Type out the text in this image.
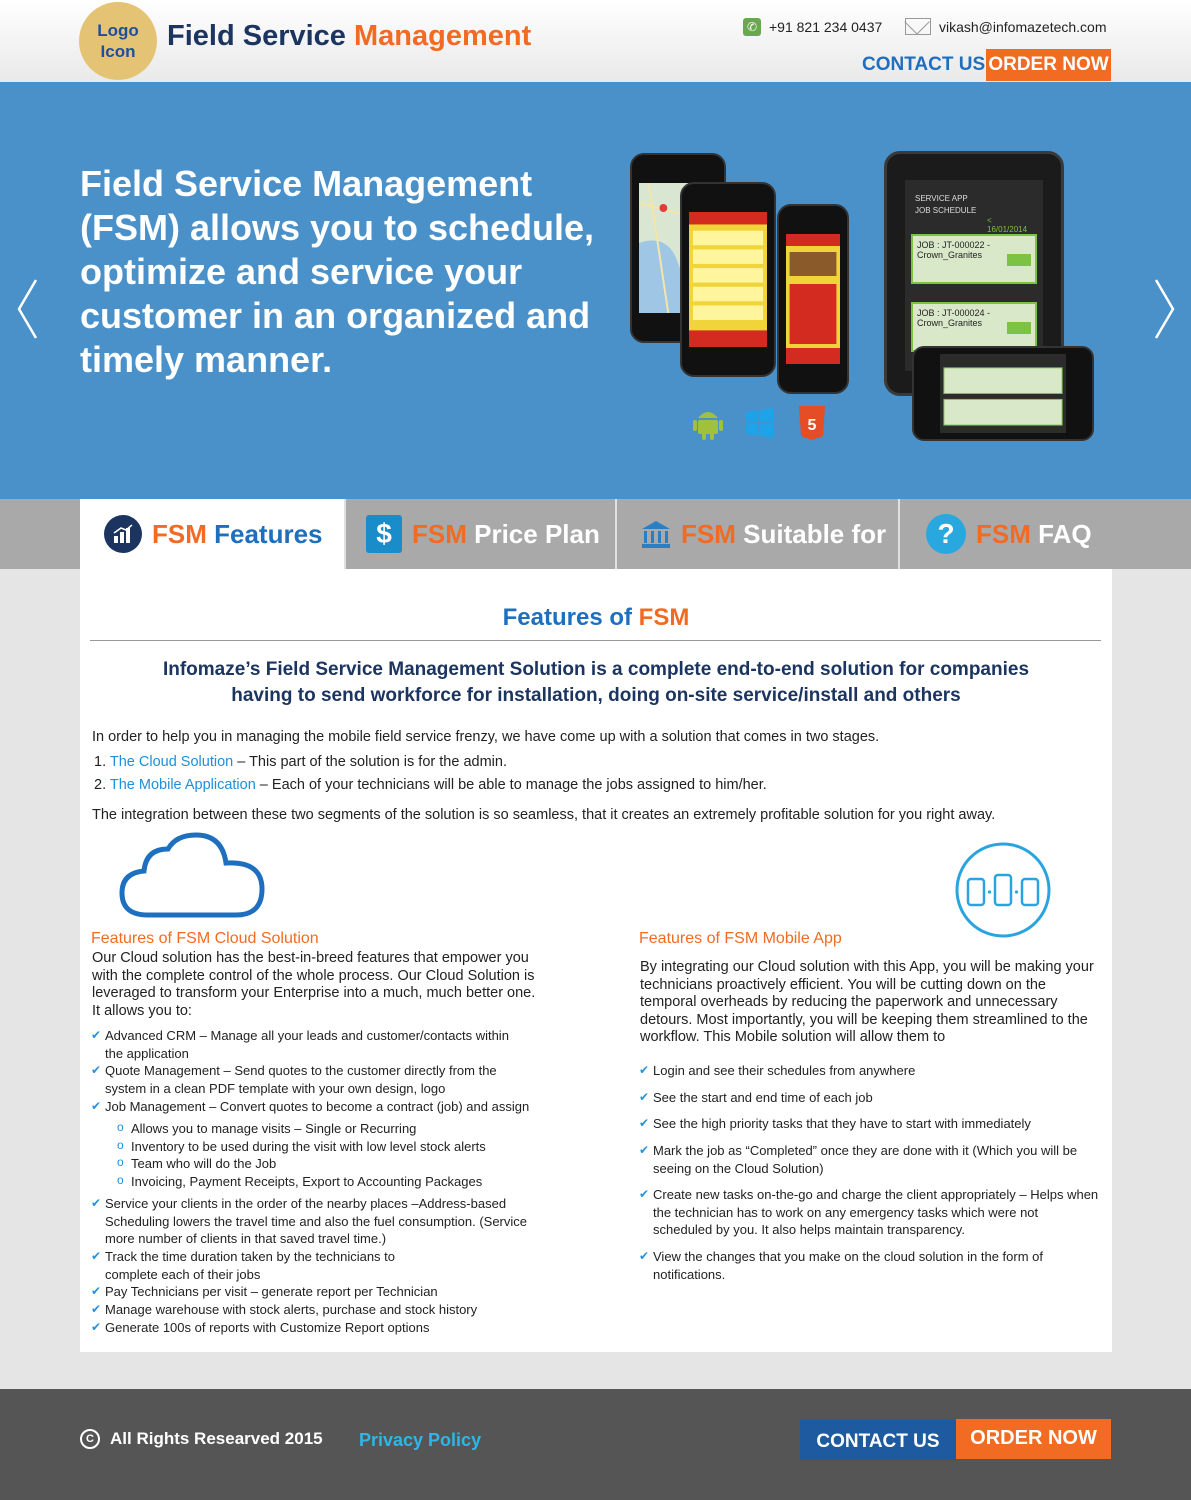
Logo
Icon	Field Service Management	✆ +91 821 234 0437	vikash@infomazetech.com
CONTACT US ORDER NOW
Field Service Management (FSM) allows you to schedule, optimize and service your customer in an organized and timely manner.
SERVICE APP
JOB SCHEDULE
< 16/01/2014
JOB : JT-000022 - Crown_Granites
JOB : JT-000024 - Crown_Granites
5
FSM Features	$ FSM Price Plan	FSM Suitable for	? FSM FAQ
Features of FSM
Infomaze’s Field Service Management Solution is a complete end-to-end solution for companies
having to send workforce for installation, doing on-site service/install and others
In order to help you in managing the mobile field service frenzy, we have come up with a solution that comes in two stages.
1. The Cloud Solution – This part of the solution is for the admin.
2. The Mobile Application – Each of your technicians will be able to manage the jobs assigned to him/her.
The integration between these two segments of the solution is so seamless, that it creates an extremely profitable solution for you right away.
Features of FSM Cloud Solution
Our Cloud solution has the best-in-breed features that empower you with the complete control of the whole process. Our Cloud Solution is leveraged to transform your Enterprise into a much, much better one. It allows you to:
✔ Advanced CRM – Manage all your leads and customer/contacts within the application
✔ Quote Management – Send quotes to the customer directly from the system in a clean PDF template with your own design, logo
✔ Job Management – Convert quotes to become a contract (job) and assign
o Allows you to manage visits – Single or Recurring
o Inventory to be used during the visit with low level stock alerts
o Team who will do the Job
o Invoicing, Payment Receipts, Export to Accounting Packages
✔ Service your clients in the order of the nearby places –Address-based Scheduling lowers the travel time and also the fuel consumption. (Service more number of clients in that saved travel time.)
✔ Track the time duration taken by the technicians to complete each of their jobs
✔ Pay Technicians per visit – generate report per Technician
✔ Manage warehouse with stock alerts, purchase and stock history
✔ Generate 100s of reports with Customize Report options
Features of FSM Mobile App
By integrating our Cloud solution with this App, you will be making your technicians proactively efficient. You will be cutting down on the temporal overheads by reducing the paperwork and unnecessary detours. Most importantly, you will be keeping them streamlined to the workflow. This Mobile solution will allow them to
✔ Login and see their schedules from anywhere
✔ See the start and end time of each job
✔ See the high priority tasks that they have to start with immediately
✔ Mark the job as “Completed” once they are done with it (Which you will be seeing on the Cloud Solution)
✔ Create new tasks on-the-go and charge the client appropriately – Helps when the technician has to work on any emergency tasks which were not scheduled by you. It also helps maintain transparency.
✔ View the changes that you make on the cloud solution in the form of notifications.
C All Rights Researved 2015 Privacy Policy	CONTACT US	ORDER NOW
